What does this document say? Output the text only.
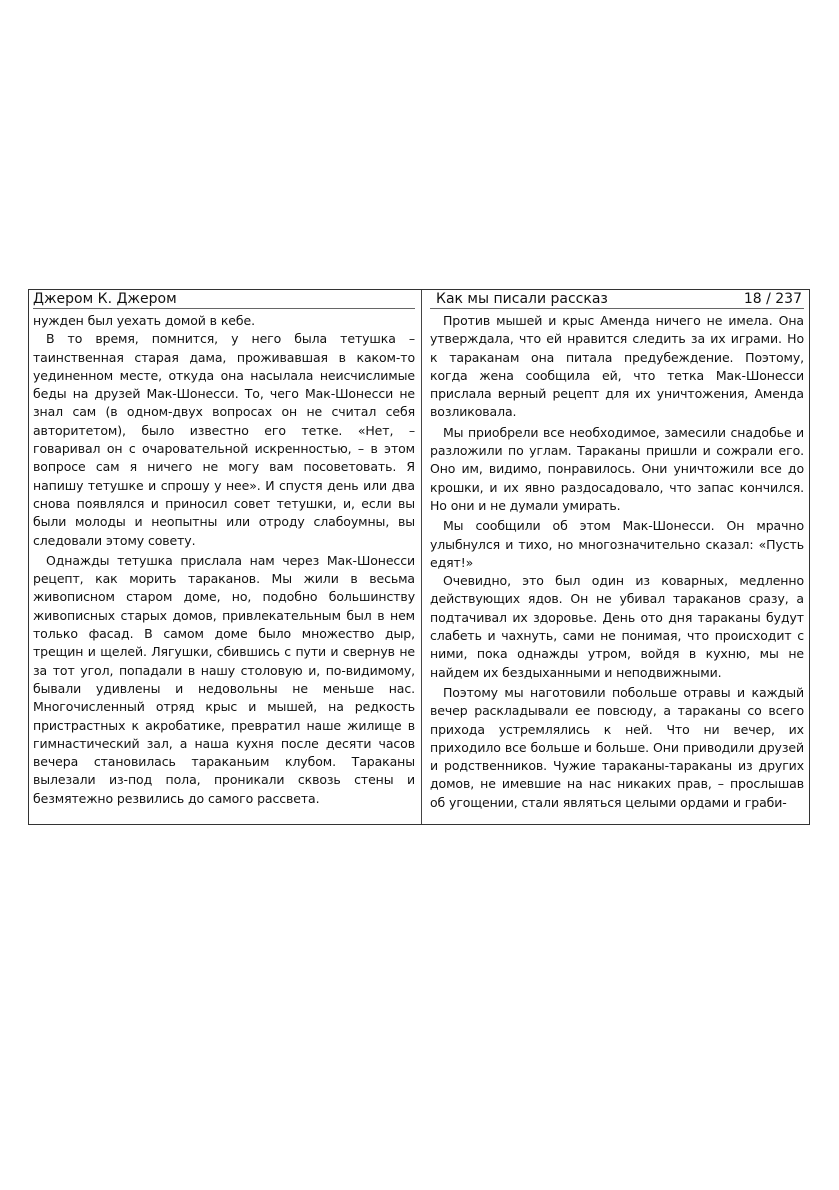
Джером К. Джером

нужден был уехать домой в кебе.

В то время, помнится, у него была тетушка – таинственная старая дама, проживавшая в каком-то уединенном месте, откуда она насылала неисчислимые беды на друзей Мак-Шонесси. То, чего Мак-Шонесси не знал сам (в одном-двух вопросах он не считал себя авторитетом), было известно его тетке. «Нет, – говаривал он с очаровательной искренностью, – в этом вопросе сам я ничего не могу вам посоветовать. Я напишу тетушке и спрошу у нее». И спустя день или два снова появлялся и приносил совет тетушки, и, если вы были молоды и неопытны или отроду слабоумны, вы следовали этому совету.

Однажды тетушка прислала нам через Мак-Шонесси рецепт, как морить тараканов. Мы жили в весьма живописном старом доме, но, подобно большинству живописных старых домов, привлекательным был в нем только фасад. В самом доме было множество дыр, трещин и щелей. Лягушки, сбившись с пути и свернув не за тот угол, попадали в нашу столовую и, по-видимому, бывали удивлены и недовольны не меньше нас. Многочисленный отряд крыс и мышей, на редкость пристрастных к акробатике, превратил наше жилище в гимнастический зал, а наша кухня после десяти часов вечера становилась тараканьим клубом. Тараканы вылезали из-под пола, проникали сквозь стены и безмятежно резвились до самого рассвета.

Как мы писали рассказ	18 / 237

Против мышей и крыс Аменда ничего не имела. Она утверждала, что ей нравится следить за их играми. Но к тараканам она питала предубеждение. Поэтому, когда жена сообщила ей, что тетка Мак-Шонесси прислала верный рецепт для их уничтожения, Аменда возликовала.

Мы приобрели все необходимое, замесили снадобье и разложили по углам. Тараканы пришли и сожрали его. Оно им, видимо, понравилось. Они уничтожили все до крошки, и их явно раздосадовало, что запас кончился. Но они и не думали умирать.

Мы сообщили об этом Мак-Шонесси. Он мрачно улыбнулся и тихо, но многозначительно сказал: «Пусть едят!»

Очевидно, это был один из коварных, медленно действующих ядов. Он не убивал тараканов сразу, а подтачивал их здоровье. День ото дня тараканы будут слабеть и чахнуть, сами не понимая, что происходит с ними, пока однажды утром, войдя в кухню, мы не найдем их бездыханными и неподвижными.

Поэтому мы наготовили побольше отравы и каждый вечер раскладывали ее повсюду, а тараканы со всего прихода устремлялись к ней. Что ни вечер, их приходило все больше и больше. Они приводили друзей и родственников. Чужие тараканы-тараканы из других домов, не имевшие на нас никаких прав, – прослышав об угощении, стали являться целыми ордами и граби-
